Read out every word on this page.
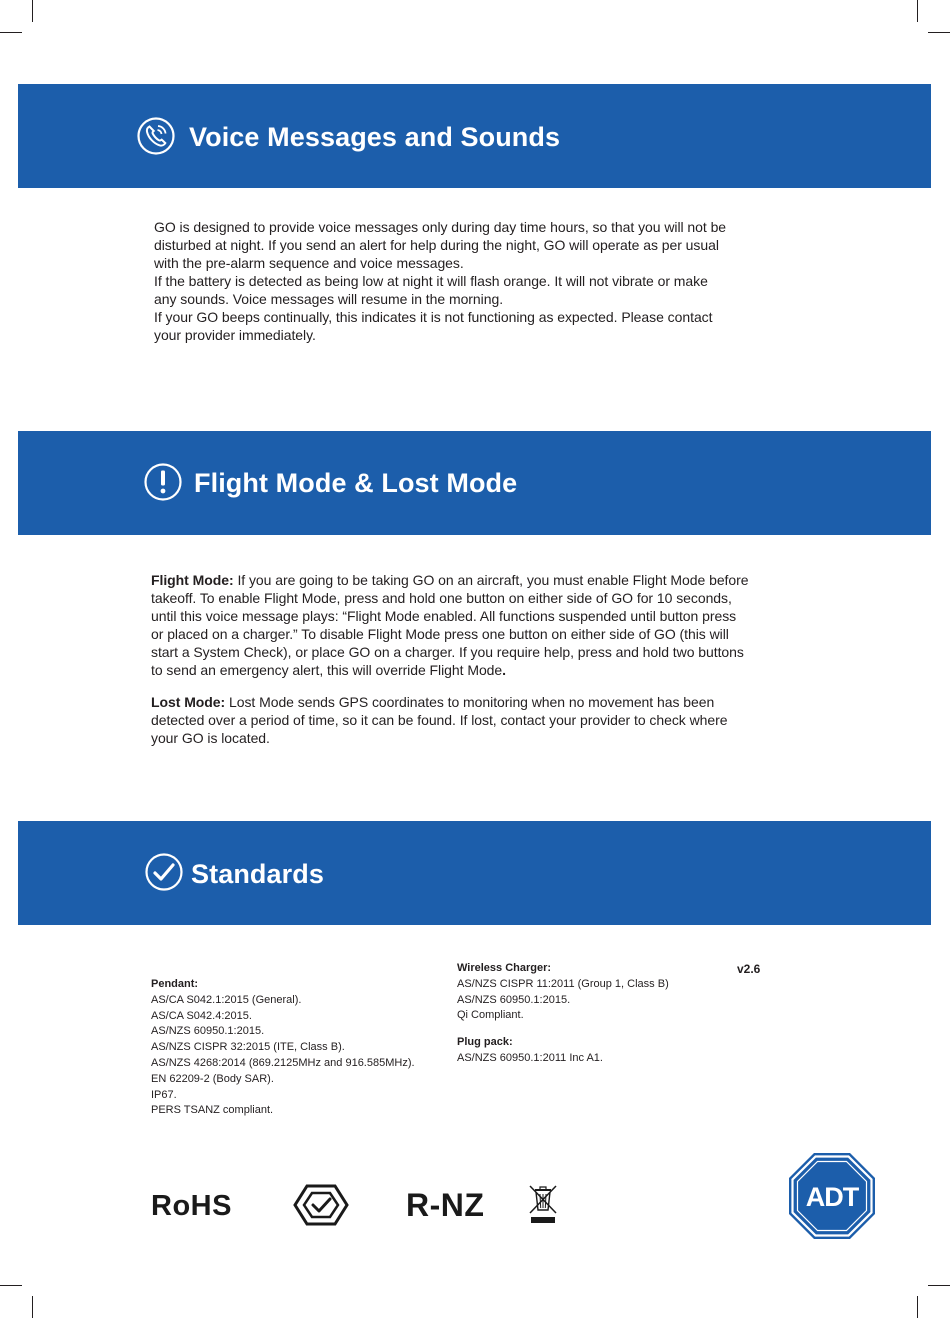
Voice Messages and Sounds
GO is designed to provide voice messages only during day time hours, so that you will not be
disturbed at night. If you send an alert for help during the night, GO will operate as per usual
with the pre-alarm sequence and voice messages.
If the battery is detected as being low at night it will flash orange. It will not vibrate or make
any sounds. Voice messages will resume in the morning.
If your GO beeps continually, this indicates it is not functioning as expected. Please contact
your provider immediately.
Flight Mode & Lost Mode
Flight Mode: If you are going to be taking GO on an aircraft, you must enable Flight Mode before
takeoff. To enable Flight Mode, press and hold one button on either side of GO for 10 seconds,
until this voice message plays: “Flight Mode enabled. All functions suspended until button press
or placed on a charger.” To disable Flight Mode press one button on either side of GO (this will
start a System Check), or place GO on a charger. If you require help, press and hold two buttons
to send an emergency alert, this will override Flight Mode.
Lost Mode: Lost Mode sends GPS coordinates to monitoring when no movement has been
detected over a period of time, so it can be found. If lost, contact your provider to check where
your GO is located.
Standards
Pendant:
AS/CA S042.1:2015 (General).
AS/CA S042.4:2015.
AS/NZS 60950.1:2015.
AS/NZS CISPR 32:2015 (ITE, Class B).
AS/NZS 4268:2014 (869.2125MHz and 916.585MHz).
EN 62209-2 (Body SAR).
IP67.
PERS TSANZ compliant.
Wireless Charger:
AS/NZS CISPR 11:2011 (Group 1, Class B)
AS/NZS 60950.1:2015.
Qi Compliant.
Plug pack:
AS/NZS 60950.1:2011 Inc A1.
v2.6
RoHS	R-NZ	ADT
